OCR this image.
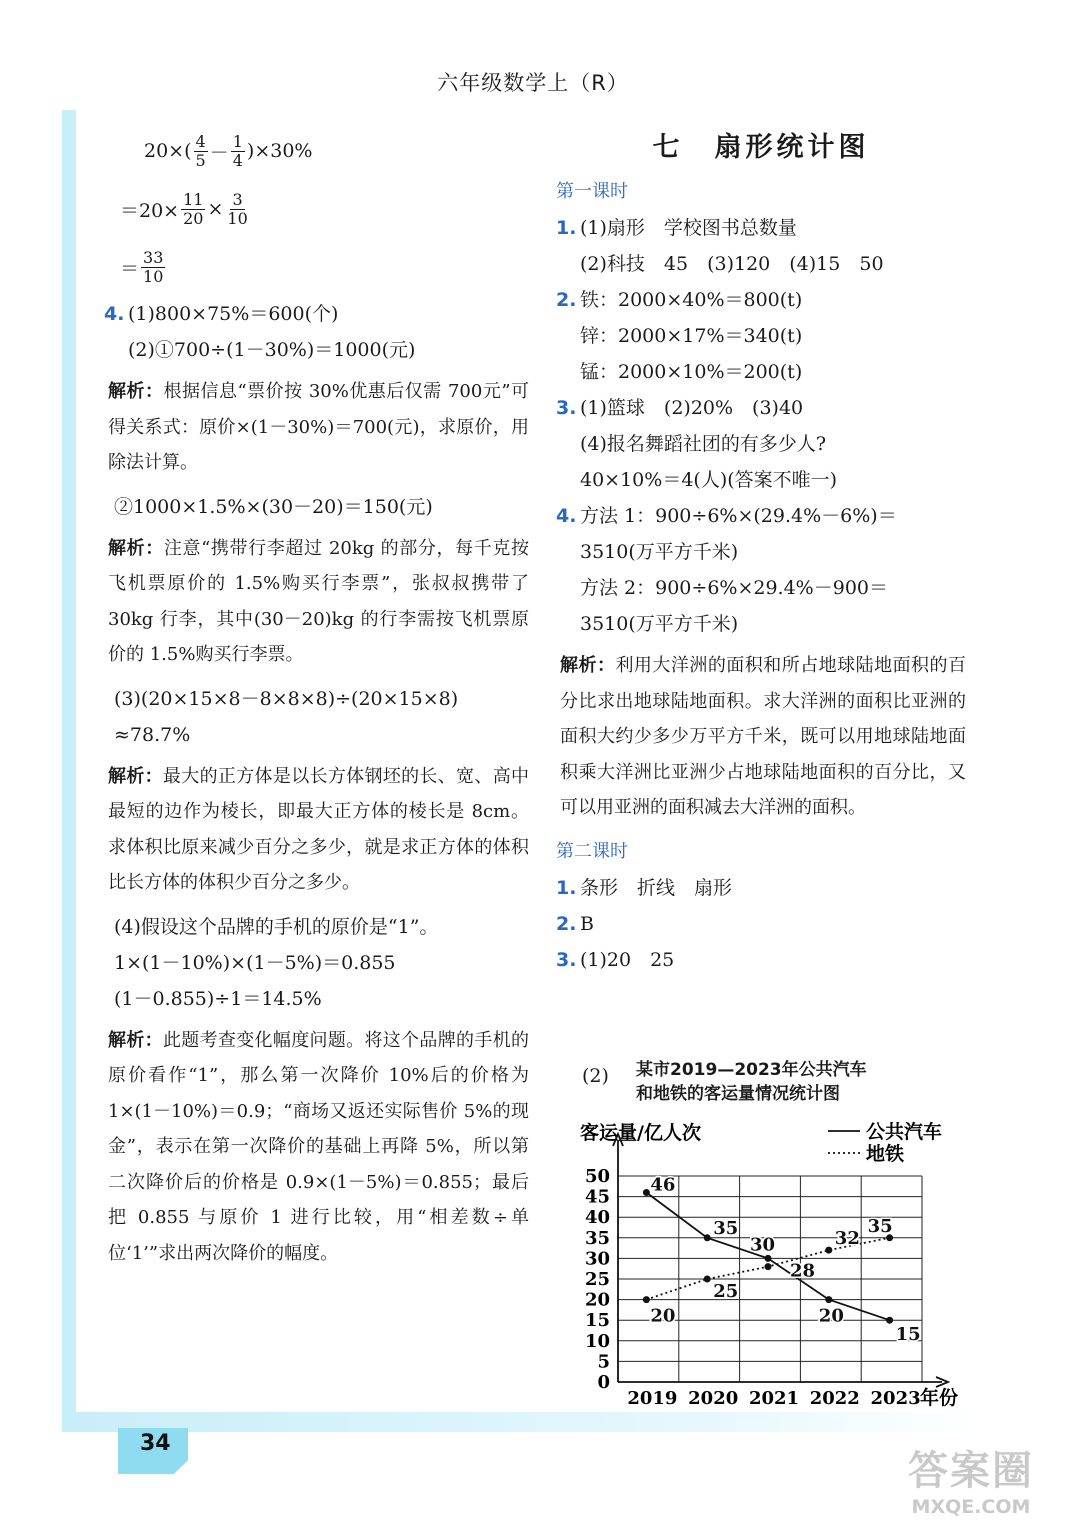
34
六年级数学上（R）
$20\times( \frac{4}{5} - \frac{1}{4} )\times 30\%$
$=20\times \frac{11}{20} \times \frac{3}{10}$
＝ $\frac{33}{10}$
4. (1)800×75%＝600(个)
(2)①700÷(1－30%)＝1000(元)
解析：根据信息“票价按 30%优惠后仅需 700元”可得关系式：原价×(1－30%)＝700(元)，求原价，用除法计算。
②1000×1.5%×(30－20)＝150(元)
解析：注意“携带行李超过 20kg 的部分，每千克按飞机票原价的 1.5%购买行李票”，张叔叔携带了 30kg 行李，其中(30－20)kg 的行李需按飞机票原价的 1.5%购买行李票。
(3)(20×15×8－8×8×8)÷(20×15×8)
≈78.7%
解析：最大的正方体是以长方体钢坯的长、宽、高中最短的边作为棱长，即最大正方体的棱长是 8cm。求体积比原来减少百分之多少，就是求正方体的体积比长方体的体积少百分之多少。
(4)假设这个品牌的手机的原价是“1”。
1×(1－10%)×(1－5%)＝0.855
(1－0.855)÷1＝14.5%
解析：此题考查变化幅度问题。将这个品牌的手机的原价看作“1”，那么第一次降价 10%后的价格为 1×(1－10%)＝0.9；“商场又返还实际售价 5%的现金”，表示在第一次降价的基础上再降 5%，所以第二次降价后的价格是 0.9×(1－5%)＝0.855；最后把 0.855 与原价 1 进行比较，用“相差数÷单位‘1’”求出两次降价的幅度。
七　扇形统计图
第一课时
1. (1)扇形　学校图书总数量
(2)科技　45　(3)120　(4)15　50
2. 铁：2000×40%＝800(t)
锌：2000×17%＝340(t)
锰：2000×10%＝200(t)
3. (1)篮球　(2)20%　(3)40
(4)报名舞蹈社团的有多少人?
40×10%＝4(人)(答案不唯一)
4. 方法 1：900÷6%×(29.4%－6%)＝
3510(万平方千米)
方法 2：900÷6%×29.4%－900＝
3510(万平方千米)
解析：利用大洋洲的面积和所占地球陆地面积的百分比求出地球陆地面积。求大洋洲的面积比亚洲的面积大约少多少万平方千米，既可以用地球陆地面积乘大洋洲比亚洲少占地球陆地面积的百分比，又可以用亚洲的面积减去大洋洲的面积。
第二课时
1. 条形　折线　扇形
2. B
3. (1)20　25
(2) 某市2019—2023年公共汽车
和地铁的客运量情况统计图
客运量/亿人次	公共汽车
地铁
0
5
10
15
20
25
30
35
40
45
50
2019 2020 2021 2022 2023
46
35
30
20
15
20
25
28
32
35
年份
答案圈
MXQE.COM
